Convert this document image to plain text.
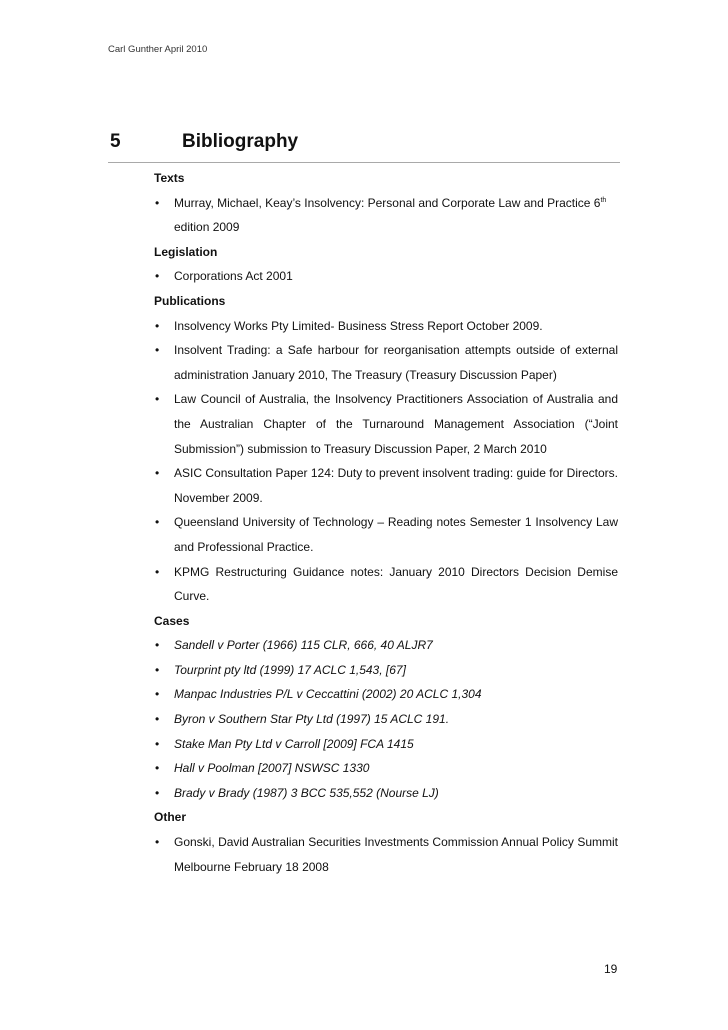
Carl Gunther April 2010
5	Bibliography
Texts
• Murray, Michael, Keay’s Insolvency: Personal and Corporate Law and Practice 6th
edition 2009
Legislation
• Corporations Act 2001
Publications
• Insolvency Works Pty Limited- Business Stress Report October 2009.
• Insolvent Trading: a Safe harbour for reorganisation attempts outside of external administration January 2010, The Treasury (Treasury Discussion Paper)
• Law Council of Australia, the Insolvency Practitioners Association of Australia and the Australian Chapter of the Turnaround Management Association (“Joint Submission”) submission to Treasury Discussion Paper, 2 March 2010
• ASIC Consultation Paper 124: Duty to prevent insolvent trading: guide for Directors. November 2009.
• Queensland University of Technology – Reading notes Semester 1 Insolvency Law and Professional Practice.
• KPMG Restructuring Guidance notes: January 2010 Directors Decision Demise Curve.
Cases
• Sandell v Porter (1966) 115 CLR, 666, 40 ALJR7
• Tourprint pty ltd (1999) 17 ACLC 1,543, [67]
• Manpac Industries P/L v Ceccattini (2002) 20 ACLC 1,304
• Byron v Southern Star Pty Ltd (1997) 15 ACLC 191.
• Stake Man Pty Ltd v Carroll [2009] FCA 1415
• Hall v Poolman [2007] NSWSC 1330
• Brady v Brady (1987) 3 BCC 535,552 (Nourse LJ)
Other
• Gonski, David Australian Securities Investments Commission Annual Policy Summit Melbourne February 18 2008
19
